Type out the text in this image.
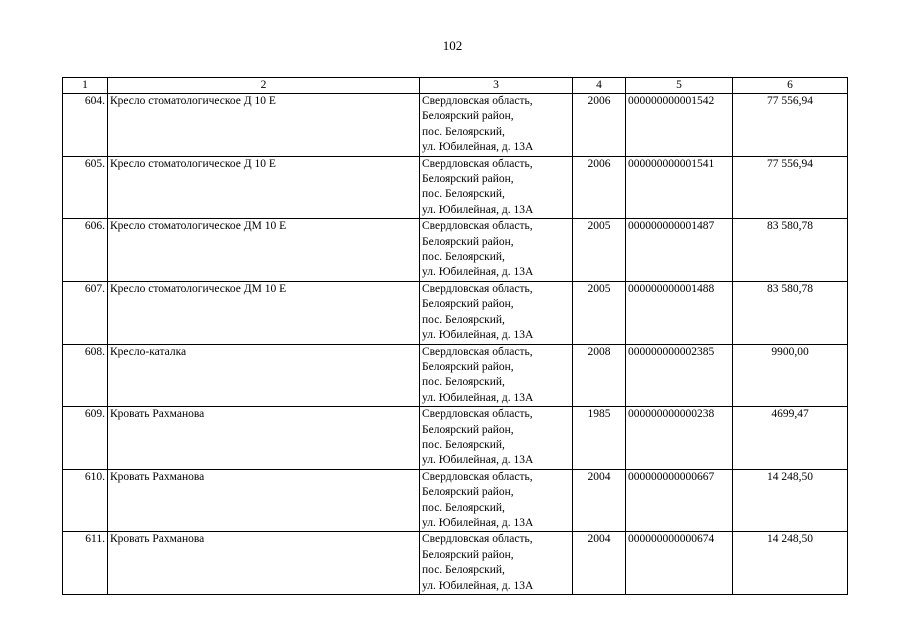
102
1	2	3	4	5	6
604.	Кресло стоматологическое Д 10 Е	Свердловская область,
Белоярский район,
пос. Белоярский,
ул. Юбилейная, д. 13А	2006	000000000001542	77 556,94
605.	Кресло стоматологическое Д 10 Е	Свердловская область,
Белоярский район,
пос. Белоярский,
ул. Юбилейная, д. 13А	2006	000000000001541	77 556,94
606.	Кресло стоматологическое ДМ 10 Е	Свердловская область,
Белоярский район,
пос. Белоярский,
ул. Юбилейная, д. 13А	2005	000000000001487	83 580,78
607.	Кресло стоматологическое ДМ 10 Е	Свердловская область,
Белоярский район,
пос. Белоярский,
ул. Юбилейная, д. 13А	2005	000000000001488	83 580,78
608.	Кресло-каталка	Свердловская область,
Белоярский район,
пос. Белоярский,
ул. Юбилейная, д. 13А	2008	000000000002385	9900,00
609.	Кровать Рахманова	Свердловская область,
Белоярский район,
пос. Белоярский,
ул. Юбилейная, д. 13А	1985	000000000000238	4699,47
610.	Кровать Рахманова	Свердловская область,
Белоярский район,
пос. Белоярский,
ул. Юбилейная, д. 13А	2004	000000000000667	14 248,50
611.	Кровать Рахманова	Свердловская область,
Белоярский район,
пос. Белоярский,
ул. Юбилейная, д. 13А	2004	000000000000674	14 248,50
